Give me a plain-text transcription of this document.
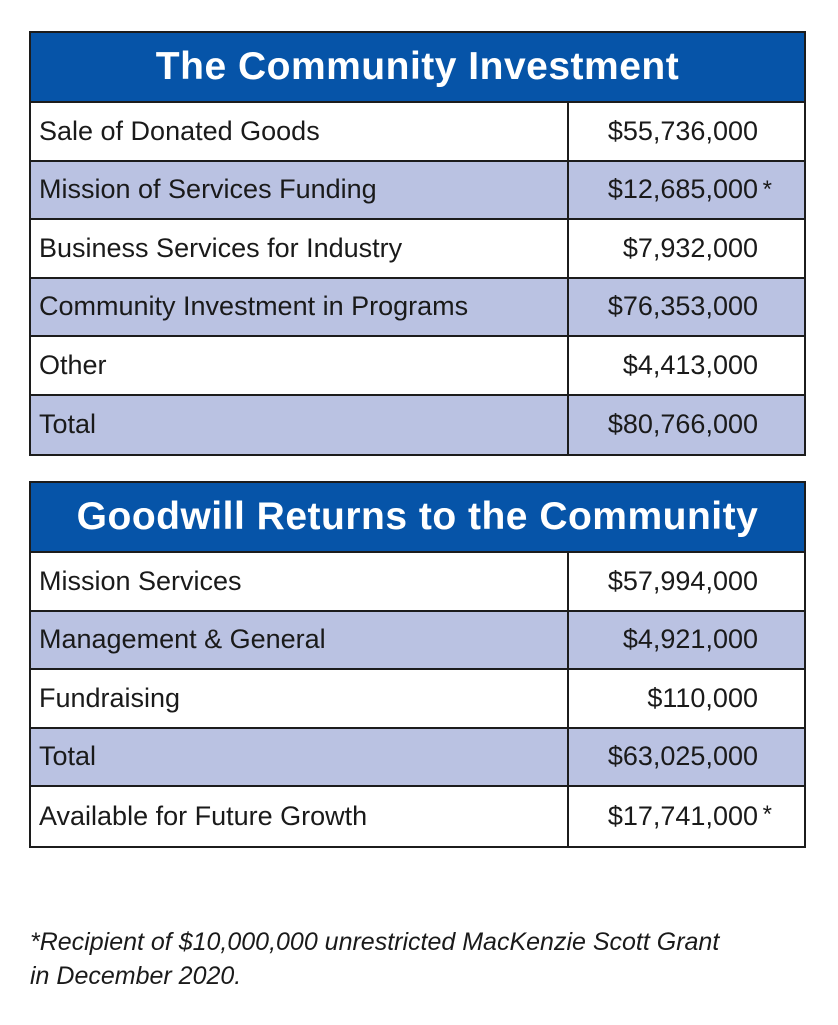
The Community Investment
Sale of Donated Goods	$55,736,000
Mission of Services Funding	$12,685,000 *
Business Services for Industry	$7,932,000
Community Investment in Programs	$76,353,000
Other	$4,413,000
Total	$80,766,000
Goodwill Returns to the Community
Mission Services	$57,994,000
Management & General	$4,921,000
Fundraising	$110,000
Total	$63,025,000
Available for Future Growth	$17,741,000 *
*Recipient of $10,000,000 unrestricted MacKenzie Scott Grant
in December 2020.
